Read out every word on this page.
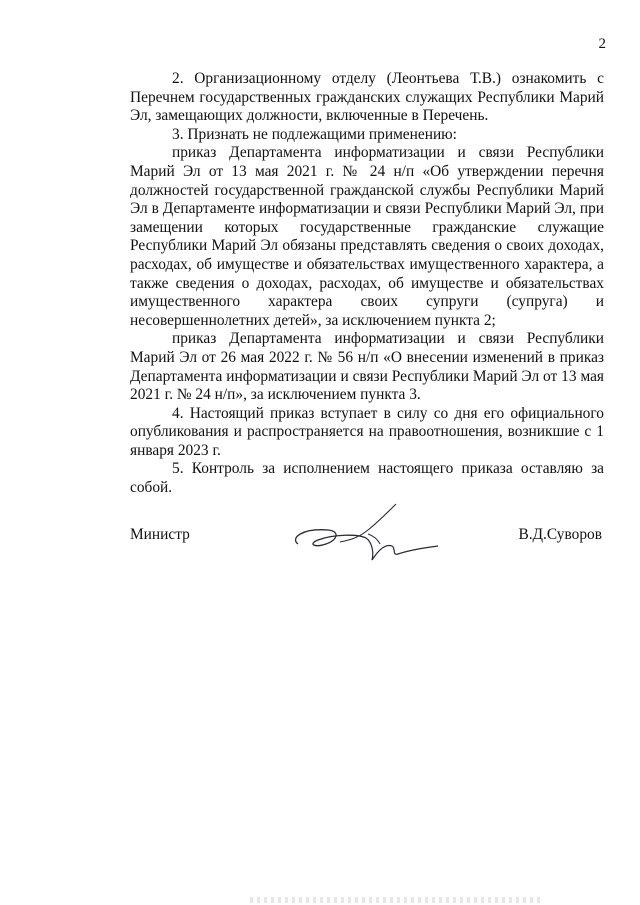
2

2. Организационному отделу (Леонтьева Т.В.) ознакомить с Перечнем государственных гражданских служащих Республики Марий Эл, замещающих должности, включенные в Перечень.

3. Признать не подлежащими применению:

приказ Департамента информатизации и связи Республики Марий Эл от 13 мая 2021 г. № 24 н/п «Об утверждении перечня должностей государственной гражданской службы Республики Марий Эл в Департаменте информатизации и связи Республики Марий Эл, при замещении которых государственные гражданские служащие Республики Марий Эл обязаны представлять сведения о своих доходах, расходах, об имуществе и обязательствах имущественного характера, а также сведения о доходах, расходах, об имуществе и обязательствах имущественного характера своих супруги (супруга) и несовершеннолетних детей», за исключением пункта 2;

приказ Департамента информатизации и связи Республики Марий Эл от 26 мая 2022 г. № 56 н/п «О внесении изменений в приказ Департамента информатизации и связи Республики Марий Эл от 13 мая 2021 г. № 24 н/п», за исключением пункта 3.

4. Настоящий приказ вступает в силу со дня его официального опубликования и распространяется на правоотношения, возникшие с 1 января 2023 г.

5. Контроль за исполнением настоящего приказа оставляю за собой.

Министр	В.Д.Суворов
